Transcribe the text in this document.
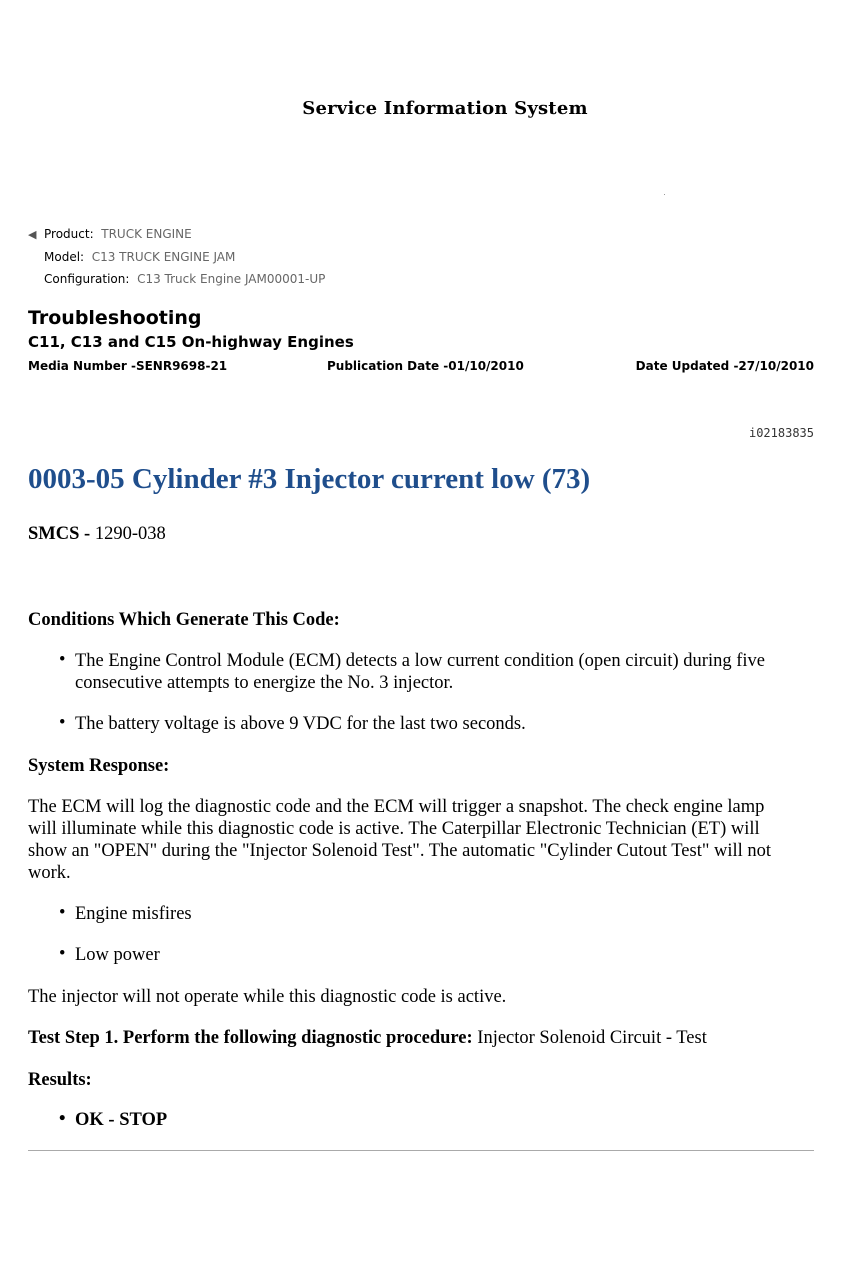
Service Information System
◀ Product: TRUCK ENGINE
Model: C13 TRUCK ENGINE JAM
Configuration: C13 Truck Engine JAM00001-UP
Troubleshooting
C11, C13 and C15 On-highway Engines
Media Number -SENR9698-21	Publication Date -01/10/2010	Date Updated -27/10/2010
i02183835
0003-05 Cylinder #3 Injector current low (73)
SMCS - 1290-038
Conditions Which Generate This Code:
• The Engine Control Module (ECM) detects a low current condition (open circuit) during five
consecutive attempts to energize the No. 3 injector.
• The battery voltage is above 9 VDC for the last two seconds.
System Response:
The ECM will log the diagnostic code and the ECM will trigger a snapshot. The check engine lamp
will illuminate while this diagnostic code is active. The Caterpillar Electronic Technician (ET) will
show an "OPEN" during the "Injector Solenoid Test". The automatic "Cylinder Cutout Test" will not
work.
• Engine misfires
• Low power
The injector will not operate while this diagnostic code is active.
Test Step 1. Perform the following diagnostic procedure: Injector Solenoid Circuit - Test
Results:
• OK - STOP
